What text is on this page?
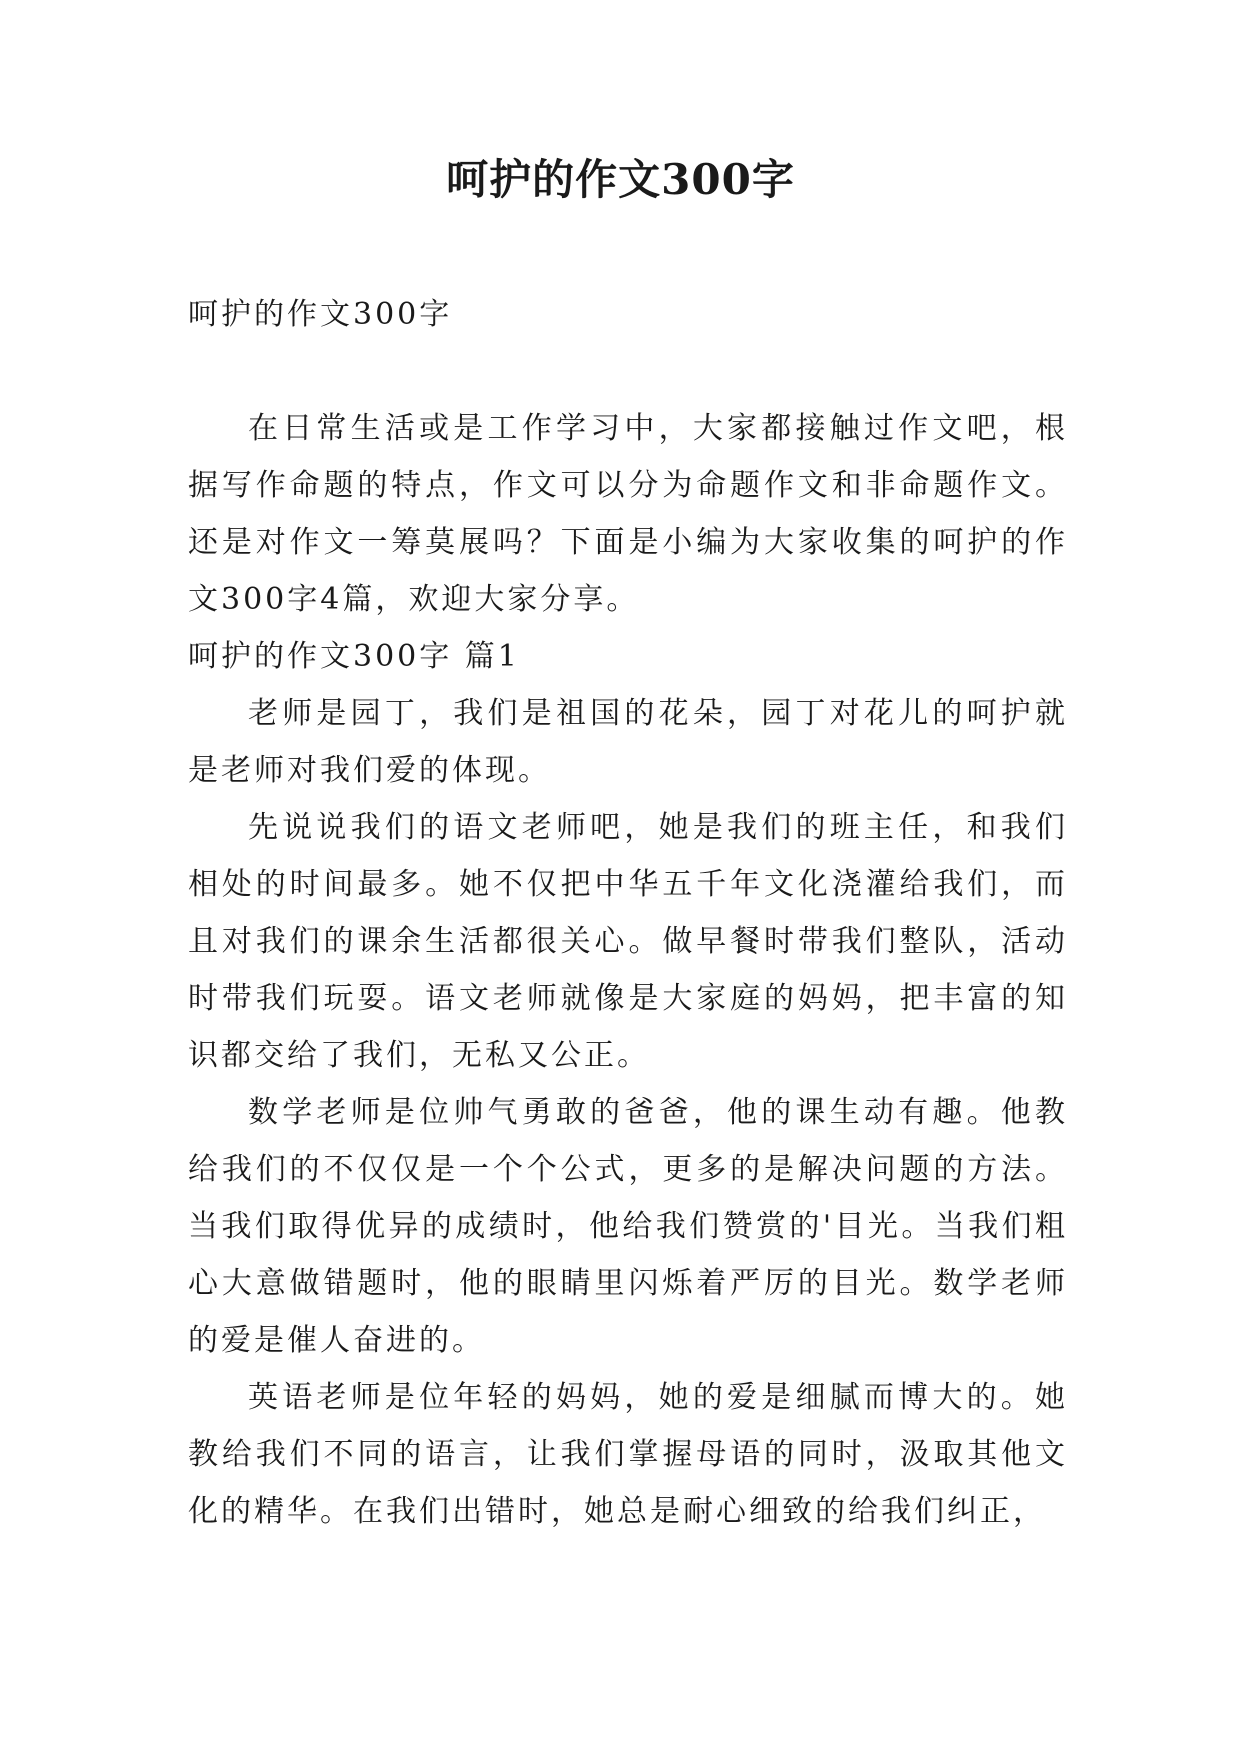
呵护的作文300字

呵护的作文300字

在日常生活或是工作学习中，大家都接触过作文吧，根据写作命题的特点，作文可以分为命题作文和非命题作文。还是对作文一筹莫展吗？下面是小编为大家收集的呵护的作文300字4篇，欢迎大家分享。

呵护的作文300字 篇1

老师是园丁，我们是祖国的花朵，园丁对花儿的呵护就是老师对我们爱的体现。

先说说我们的语文老师吧，她是我们的班主任，和我们相处的时间最多。她不仅把中华五千年文化浇灌给我们，而且对我们的课余生活都很关心。做早餐时带我们整队，活动时带我们玩耍。语文老师就像是大家庭的妈妈，把丰富的知识都交给了我们，无私又公正。

数学老师是位帅气勇敢的爸爸，他的课生动有趣。他教给我们的不仅仅是一个个公式，更多的是解决问题的方法。当我们取得优异的成绩时，他给我们赞赏的'目光。当我们粗心大意做错题时，他的眼睛里闪烁着严厉的目光。数学老师的爱是催人奋进的。

英语老师是位年轻的妈妈，她的爱是细腻而博大的。她教给我们不同的语言，让我们掌握母语的同时，汲取其他文化的精华。在我们出错时，她总是耐心细致的给我们纠正，
